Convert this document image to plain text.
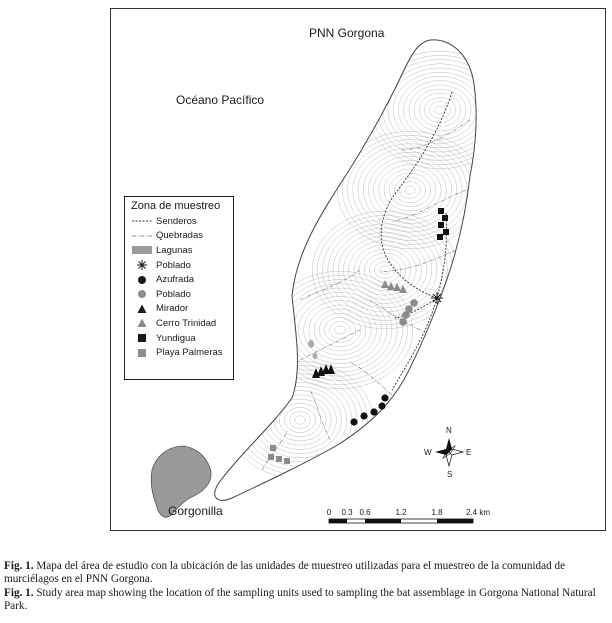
PNN Gorgona
Océano Pacífico
Gorgonilla
N
S
E
W
0 0.3 0.6	1.2	1.8	2.4 km
Zona de muestreo
Senderos
Quebradas
Lagunas
Poblado
Azufrada
Poblado
Mirador
Cerro Trinidad
Yundigua
Playa Palmeras

Fig. 1. Mapa del área de estudio con la ubicación de las unidades de muestreo utilizadas para el muestreo de la comunidad de murciélagos en el PNN Gorgona.

Fig. 1. Study area map showing the location of the sampling units used to sampling the bat assemblage in Gorgona National Natural Park.
